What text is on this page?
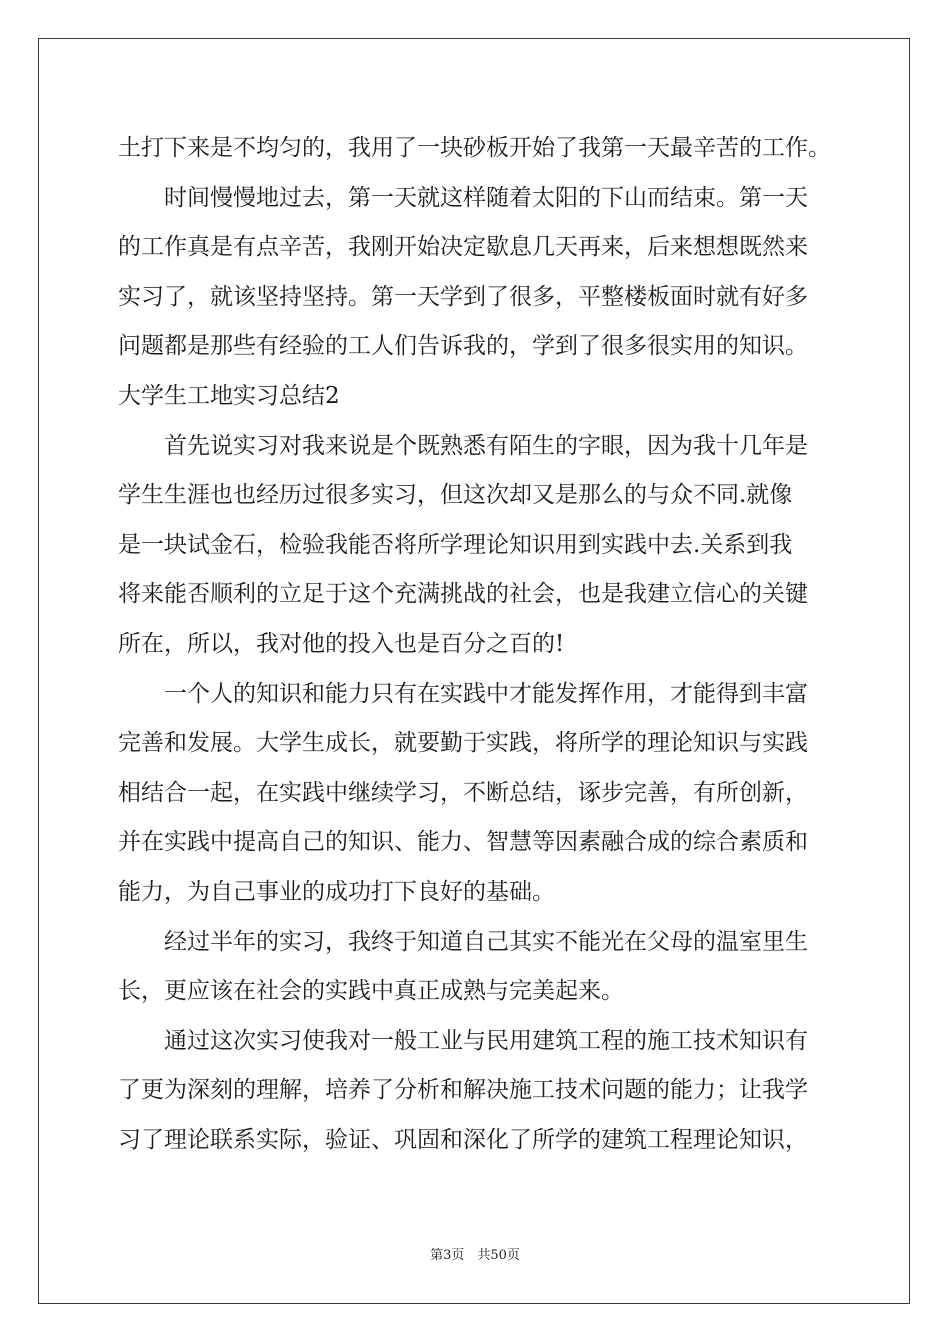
土打下来是不均匀的，我用了一块砂板开始了我第一天最辛苦的工作。
时间慢慢地过去，第一天就这样随着太阳的下山而结束。第一天
的工作真是有点辛苦，我刚开始决定歇息几天再来，后来想想既然来
实习了，就该坚持坚持。第一天学到了很多，平整楼板面时就有好多
问题都是那些有经验的工人们告诉我的，学到了很多很实用的知识。
大学生工地实习总结2
首先说实习对我来说是个既熟悉有陌生的字眼，因为我十几年是
学生生涯也也经历过很多实习，但这次却又是那么的与众不同.就像
是一块试金石，检验我能否将所学理论知识用到实践中去.关系到我
将来能否顺利的立足于这个充满挑战的社会，也是我建立信心的关键
所在，所以，我对他的投入也是百分之百的!
一个人的知识和能力只有在实践中才能发挥作用，才能得到丰富
完善和发展。大学生成长，就要勤于实践，将所学的理论知识与实践
相结合一起，在实践中继续学习，不断总结，诼步完善，有所创新，
并在实践中提高自己的知识、能力、智慧等因素融合成的综合素质和
能力，为自己事业的成功打下良好的基础。
经过半年的实习，我终于知道自己其实不能光在父母的温室里生
长，更应该在社会的实践中真正成熟与完美起来。
通过这次实习使我对一般工业与民用建筑工程的施工技术知识有
了更为深刻的理解，培养了分析和解决施工技术问题的能力；让我学
习了理论联系实际，验证、巩固和深化了所学的建筑工程理论知识，
第3页　共50页
